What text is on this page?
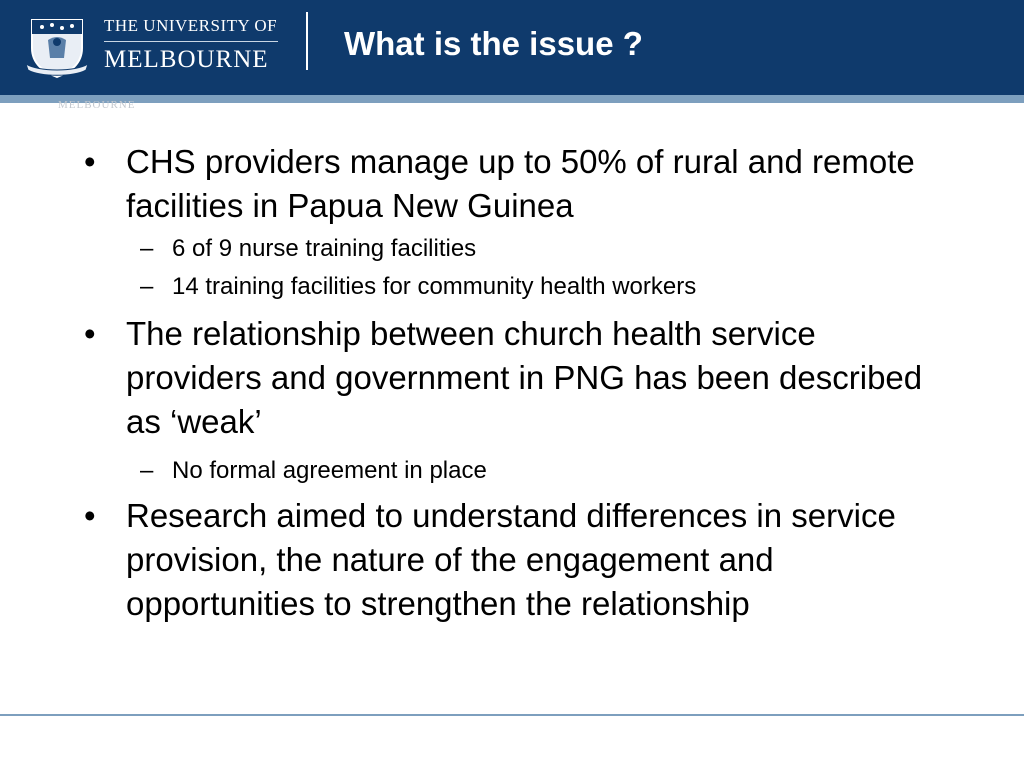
THE UNIVERSITY OF
MELBOURNE	What is the issue ?
MELBOURNE
• CHS providers manage up to 50% of rural and remote facilities in Papua New Guinea
– 6 of 9 nurse training facilities
– 14 training facilities for community health workers
• The relationship between church health service providers and government in PNG has been described as ‘weak’
– No formal agreement in place
• Research aimed to understand differences in service provision, the nature of the engagement and opportunities to strengthen the relationship
